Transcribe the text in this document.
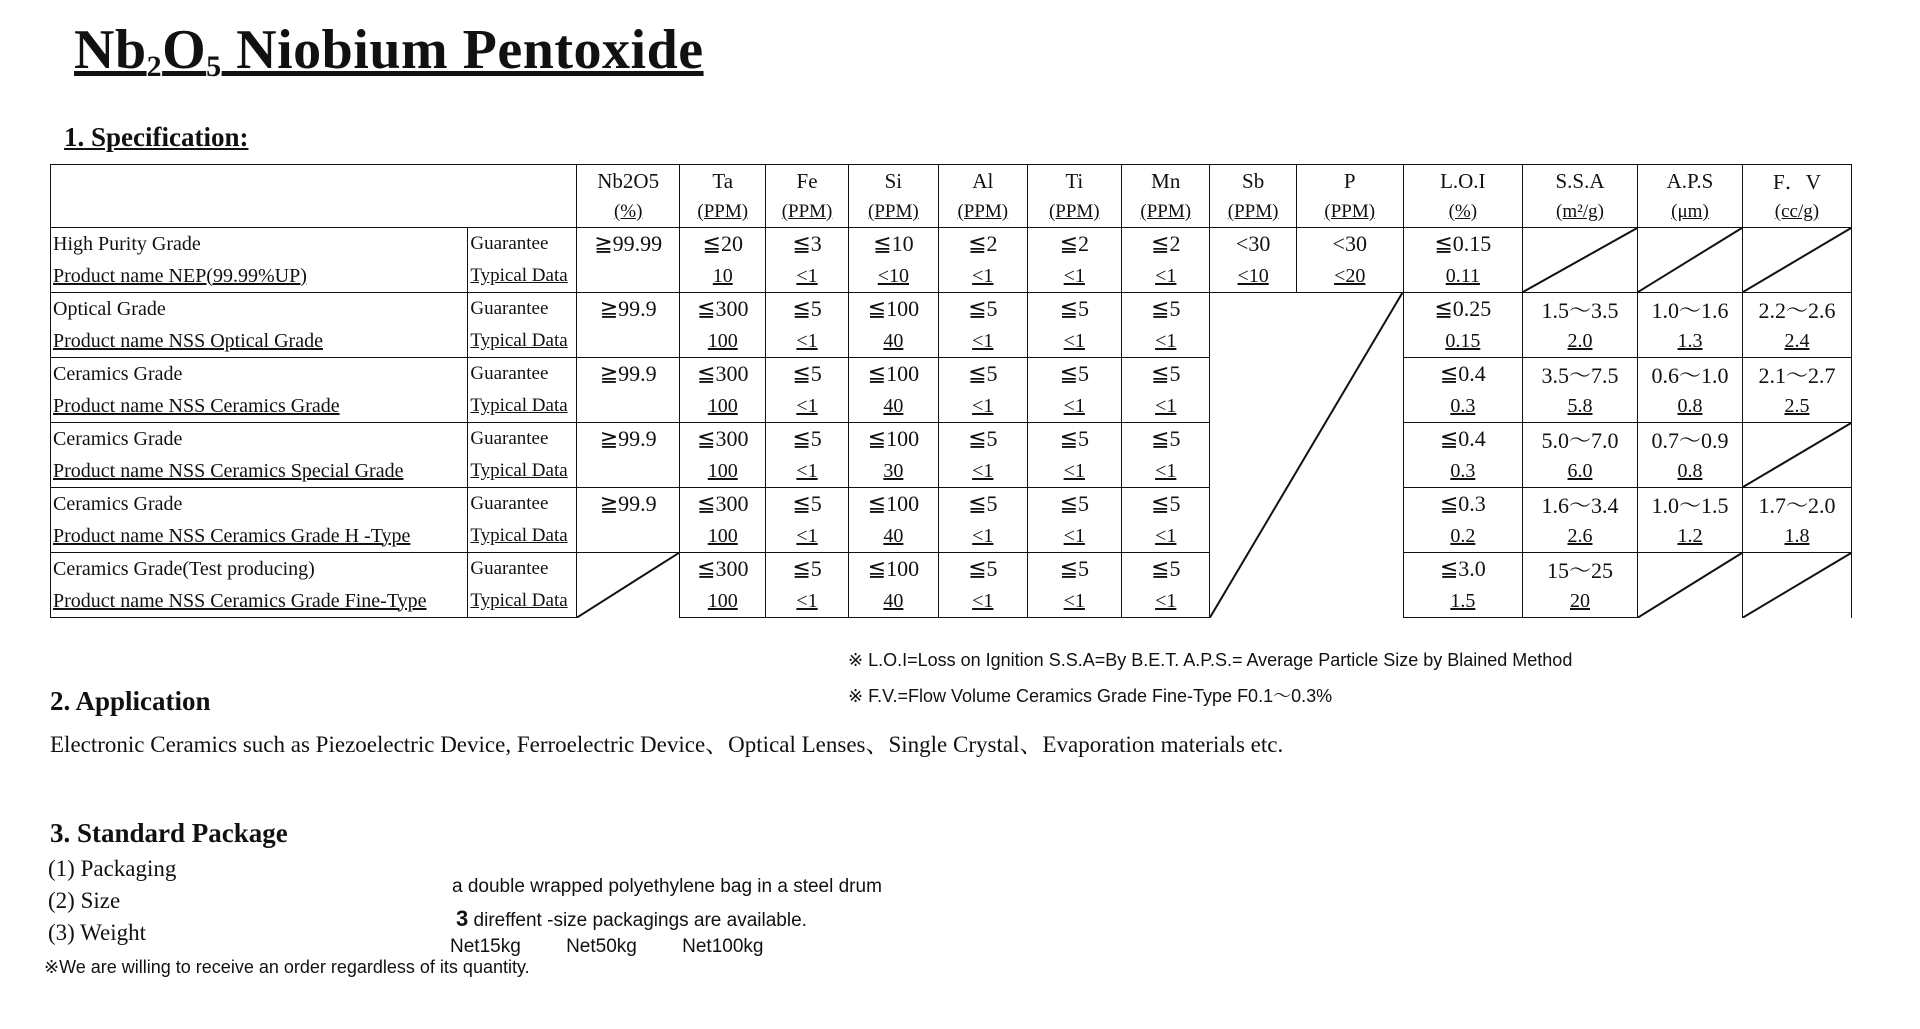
$Nb_2O_5$ Niobium Pentoxide
1. Specification:
		Nb2O5	Ta	Fe	Si	Al	Ti	Mn	Sb	P	L.O.I	S.S.A	A.P.S	F．V
		(%)	(PPM)	(PPM)	(PPM)	(PPM)	(PPM)	(PPM)	(PPM)	(PPM)	(%)	(m²/g)	(μm)	(cc/g)
High Purity Grade	Guarantee	≧99.99	≦20	≦3	≦10	≦2	≦2	≦2	<30	<30	≦0.15	

Product name NEP(99.99%UP)	Typical Data		10	<1	<10	<1	<1	<1	<10	<20	0.11			
Optical Grade	Guarantee	≧99.9	≦300	≦5	≦100	≦5	≦5	≦5			≦0.25	1.5～3.5	1.0～1.6	2.2～2.6
Product name NSS Optical Grade	Typical Data		100	<1	40	<1	<1	<1			0.15	2.0	1.3	2.4
Ceramics Grade	Guarantee	≧99.9	≦300	≦5	≦100	≦5	≦5	≦5			≦0.4	3.5～7.5	0.6～1.0	2.1～2.7
Product name NSS Ceramics Grade	Typical Data		100	<1	40	<1	<1	<1			0.3	5.8	0.8	2.5
Ceramics Grade	Guarantee	≧99.9	≦300	≦5	≦100	≦5	≦5	≦5			≦0.4	5.0～7.0	0.7～0.9	

Product name NSS Ceramics Special Grade	Typical Data		100	<1	30	<1	<1	<1			0.3	6.0	0.8	
Ceramics Grade	Guarantee	≧99.9	≦300	≦5	≦100	≦5	≦5	≦5			≦0.3	1.6～3.4	1.0～1.5	1.7～2.0
Product name NSS Ceramics Grade H -Type	Typical Data		100	<1	40	<1	<1	<1			0.2	2.6	1.2	1.8
Ceramics Grade(Test producing)	Guarantee		≦300	≦5	≦100	≦5	≦5	≦5			≦3.0	15～25	

Product name NSS Ceramics Grade Fine-Type	Typical Data		100	<1	40	<1	<1	<1			1.5	20		
※ L.O.I=Loss on Ignition S.S.A=By B.E.T. A.P.S.= Average Particle Size by Blained Method
※ F.V.=Flow Volume Ceramics Grade Fine-Type F0.1～0.3%
2. Application
Electronic Ceramics such as Piezoelectric Device, Ferroelectric Device、Optical Lenses、Single Crystal、Evaporation materials etc.
3. Standard Package
(1) Packaging
a double wrapped polyethylene bag in a steel drum
(2) Size
3 direffent -size packagings are available.
(3) Weight
Net15kg Net50kg Net100kg
※We are willing to receive an order regardless of its quantity.
